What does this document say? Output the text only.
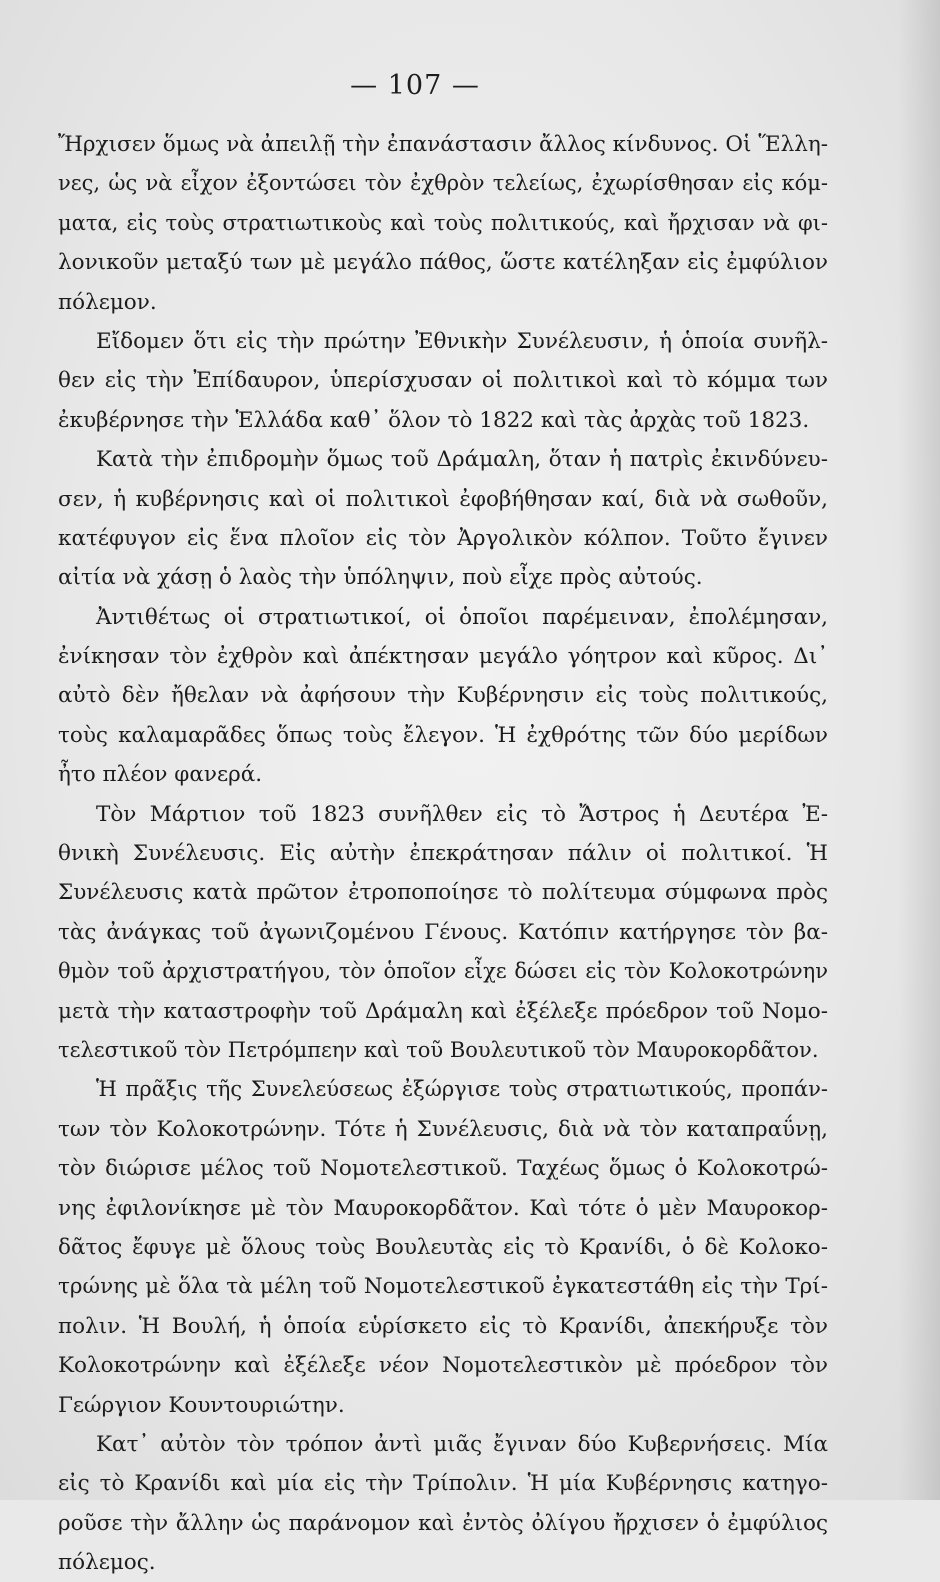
— 107 —
Ἤρχισεν ὅμως νὰ ἀπειλῇ τὴν ἐπανάστασιν ἄλλος κίνδυνος. Οἱ Ἕλλη-
νες, ὡς νὰ εἶχον ἐξοντώσει τὸν ἐχθρὸν τελείως, ἐχωρίσθησαν εἰς κόμ-
ματα, εἰς τοὺς στρατιωτικοὺς καὶ τοὺς πολιτικούς, καὶ ἤρχισαν νὰ φι-
λονικοῦν μεταξύ των μὲ μεγάλο πάθος, ὥστε κατέληξαν εἰς ἐμφύλιον
πόλεμον.
Εἴδομεν ὅτι εἰς τὴν πρώτην Ἐθνικὴν Συνέλευσιν, ἡ ὁποία συνῆλ-
θεν εἰς τὴν Ἐπίδαυρον, ὑπερίσχυσαν οἱ πολιτικοὶ καὶ τὸ κόμμα των
ἐκυβέρνησε τὴν Ἑλλάδα καθ᾽ ὅλον τὸ 1822 καὶ τὰς ἀρχὰς τοῦ 1823.
Κατὰ τὴν ἐπιδρομὴν ὅμως τοῦ Δράμαλη, ὅταν ἡ πατρὶς ἐκινδύνευ-
σεν, ἡ κυβέρνησις καὶ οἱ πολιτικοὶ ἐφοβήθησαν καί, διὰ νὰ σωθοῦν,
κατέφυγον εἰς ἕνα πλοῖον εἰς τὸν Ἀργολικὸν κόλπον. Τοῦτο ἔγινεν
αἰτία νὰ χάσῃ ὁ λαὸς τὴν ὑπόληψιν, ποὺ εἶχε πρὸς αὐτούς.
Ἀντιθέτως οἱ στρατιωτικοί, οἱ ὁποῖοι παρέμειναν, ἐπολέμησαν,
ἐνίκησαν τὸν ἐχθρὸν καὶ ἀπέκτησαν μεγάλο γόητρον καὶ κῦρος. Δι᾽
αὐτὸ δὲν ἤθελαν νὰ ἀφήσουν τὴν Κυβέρνησιν εἰς τοὺς πολιτικούς,
τοὺς καλαμαρᾶδες ὅπως τοὺς ἔλεγον. Ἡ ἐχθρότης τῶν δύο μερίδων
ἦτο πλέον φανερά.
Τὸν Μάρτιον τοῦ 1823 συνῆλθεν εἰς τὸ Ἄστρος ἡ Δευτέρα Ἐ-
θνικὴ Συνέλευσις. Εἰς αὐτὴν ἐπεκράτησαν πάλιν οἱ πολιτικοί. Ἡ
Συνέλευσις κατὰ πρῶτον ἐτροποποίησε τὸ πολίτευμα σύμφωνα πρὸς
τὰς ἀνάγκας τοῦ ἀγωνιζομένου Γένους. Κατόπιν κατήργησε τὸν βα-
θμὸν τοῦ ἀρχιστρατήγου, τὸν ὁποῖον εἶχε δώσει εἰς τὸν Κολοκοτρώνην
μετὰ τὴν καταστροφὴν τοῦ Δράμαλη καὶ ἐξέλεξε πρόεδρον τοῦ Νομο-
τελεστικοῦ τὸν Πετρόμπεην καὶ τοῦ Βουλευτικοῦ τὸν Μαυροκορδᾶτον.
Ἡ πρᾶξις τῆς Συνελεύσεως ἐξώργισε τοὺς στρατιωτικούς, προπάν-
των τὸν Κολοκοτρώνην. Τότε ἡ Συνέλευσις, διὰ νὰ τὸν καταπραΰνῃ,
τὸν διώρισε μέλος τοῦ Νομοτελεστικοῦ. Ταχέως ὅμως ὁ Κολοκοτρώ-
νης ἐφιλονίκησε μὲ τὸν Μαυροκορδᾶτον. Καὶ τότε ὁ μὲν Μαυροκορ-
δᾶτος ἔφυγε μὲ ὅλους τοὺς Βουλευτὰς εἰς τὸ Κρανίδι, ὁ δὲ Κολοκο-
τρώνης μὲ ὅλα τὰ μέλη τοῦ Νομοτελεστικοῦ ἐγκατεστάθη εἰς τὴν Τρί-
πολιν. Ἡ Βουλή, ἡ ὁποία εὑρίσκετο εἰς τὸ Κρανίδι, ἀπεκήρυξε τὸν
Κολοκοτρώνην καὶ ἐξέλεξε νέον Νομοτελεστικὸν μὲ πρόεδρον τὸν
Γεώργιον Κουντουριώτην.
Κατ᾽ αὐτὸν τὸν τρόπον ἀντὶ μιᾶς ἔγιναν δύο Κυβερνήσεις. Μία
εἰς τὸ Κρανίδι καὶ μία εἰς τὴν Τρίπολιν. Ἡ μία Κυβέρνησις κατηγο-
ροῦσε τὴν ἄλλην ὡς παράνομον καὶ ἐντὸς ὀλίγου ἤρχισεν ὁ ἐμφύλιος
πόλεμος.
